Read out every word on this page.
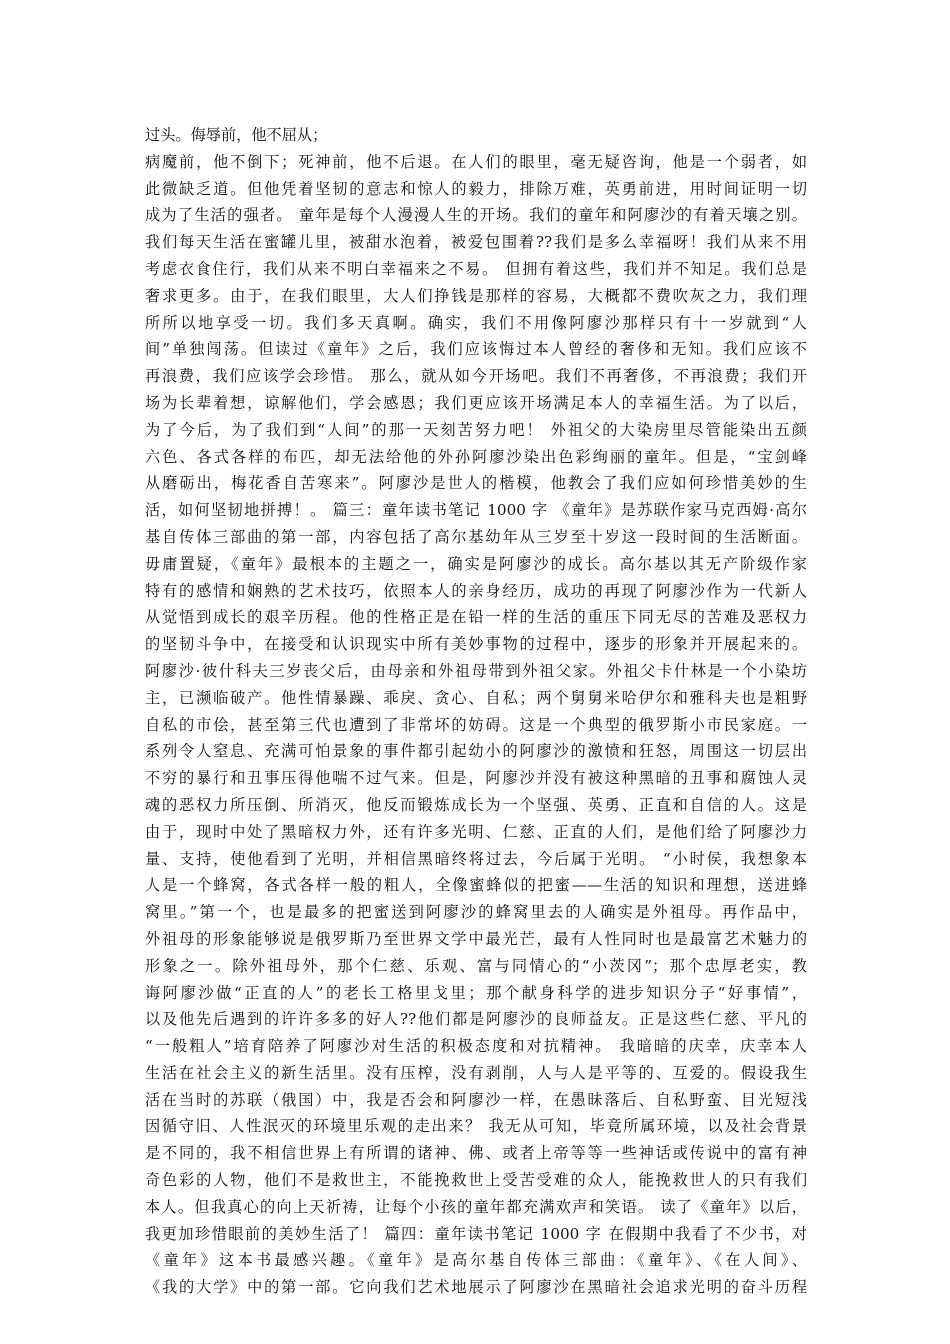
过头。侮辱前，他不屈从；
病魔前，他不倒下；死神前，他不后退。在人们的眼里，毫无疑咨询，他是一个弱者，如
此微缺乏道。但他凭着坚韧的意志和惊人的毅力，排除万难，英勇前进，用时间证明一切
成为了生活的强者。 童年是每个人漫漫人生的开场。我们的童年和阿廖沙的有着天壤之别。
我们每天生活在蜜罐儿里，被甜水泡着，被爱包围着??我们是多么幸福呀！我们从来不用
考虑衣食住行，我们从来不明白幸福来之不易。 但拥有着这些，我们并不知足。我们总是
奢求更多。由于，在我们眼里，大人们挣钱是那样的容易，大概都不费吹灰之力，我们理
所所以地享受一切。我们多天真啊。确实，我们不用像阿廖沙那样只有十一岁就到“人
间”单独闯荡。但读过《童年》之后，我们应该悔过本人曾经的奢侈和无知。我们应该不
再浪费，我们应该学会珍惜。 那么，就从如今开场吧。我们不再奢侈，不再浪费；我们开
场为长辈着想，谅解他们，学会感恩；我们更应该开场满足本人的幸福生活。为了以后，
为了今后，为了我们到“人间”的那一天刻苦努力吧！ 外祖父的大染房里尽管能染出五颜
六色、各式各样的布匹，却无法给他的外孙阿廖沙染出色彩绚丽的童年。但是，“宝剑峰
从磨砺出，梅花香自苦寒来”。阿廖沙是世人的楷模，他教会了我们应如何珍惜美妙的生
活，如何坚韧地拼搏！。 篇三：童年读书笔记 1000 字 《童年》是苏联作家马克西姆·高尔
基自传体三部曲的第一部，内容包括了高尔基幼年从三岁至十岁这一段时间的生活断面。
毋庸置疑，《童年》最根本的主题之一，确实是阿廖沙的成长。高尔基以其无产阶级作家
特有的感情和娴熟的艺术技巧，依照本人的亲身经历，成功的再现了阿廖沙作为一代新人
从觉悟到成长的艰辛历程。他的性格正是在铅一样的生活的重压下同无尽的苦难及恶权力
的坚韧斗争中，在接受和认识现实中所有美妙事物的过程中，逐步的形象并开展起来的。
阿廖沙·彼什科夫三岁丧父后，由母亲和外祖母带到外祖父家。外祖父卡什林是一个小染坊
主，已濒临破产。他性情暴躁、乖戾、贪心、自私；两个舅舅米哈伊尔和雅科夫也是粗野
自私的市侩，甚至第三代也遭到了非常坏的妨碍。这是一个典型的俄罗斯小市民家庭。一
系列令人窒息、充满可怕景象的事件都引起幼小的阿廖沙的激愤和狂怒，周围这一切层出
不穷的暴行和丑事压得他喘不过气来。但是，阿廖沙并没有被这种黑暗的丑事和腐蚀人灵
魂的恶权力所压倒、所消灭，他反而锻炼成长为一个坚强、英勇、正直和自信的人。这是
由于，现时中处了黑暗权力外，还有许多光明、仁慈、正直的人们，是他们给了阿廖沙力
量、支持，使他看到了光明，并相信黑暗终将过去，今后属于光明。 “小时侯，我想象本
人是一个蜂窝，各式各样一般的粗人，全像蜜蜂似的把蜜——生活的知识和理想，送进蜂
窝里。”第一个，也是最多的把蜜送到阿廖沙的蜂窝里去的人确实是外祖母。再作品中，
外祖母的形象能够说是俄罗斯乃至世界文学中最光芒，最有人性同时也是最富艺术魅力的
形象之一。除外祖母外，那个仁慈、乐观、富与同情心的“小茨冈”；那个忠厚老实，教
诲阿廖沙做“正直的人”的老长工格里戈里；那个献身科学的进步知识分子“好事情”，
以及他先后遇到的许许多多的好人??他们都是阿廖沙的良师益友。正是这些仁慈、平凡的
“一般粗人”培育陪养了阿廖沙对生活的积极态度和对抗精神。 我暗暗的庆幸，庆幸本人
生活在社会主义的新生活里。没有压榨，没有剥削，人与人是平等的、互爱的。假设我生
活在当时的苏联（俄国）中，我是否会和阿廖沙一样，在愚昧落后、自私野蛮、目光短浅
因循守旧、人性泯灭的环境里乐观的走出来？ 我无从可知，毕竟所属环境，以及社会背景
是不同的，我不相信世界上有所谓的诸神、佛、或者上帝等等一些神话或传说中的富有神
奇色彩的人物，他们不是救世主，不能挽救世上受苦受难的众人，能挽救世人的只有我们
本人。但我真心的向上天祈祷，让每个小孩的童年都充满欢声和笑语。 读了《童年》以后，
我更加珍惜眼前的美妙生活了！ 篇四：童年读书笔记 1000 字 在假期中我看了不少书，对
《童年》这本书最感兴趣。《童年》是高尔基自传体三部曲：《童年》、《在人间》、
《我的大学》中的第一部。它向我们艺术地展示了阿廖沙在黑暗社会追求光明的奋斗历程
